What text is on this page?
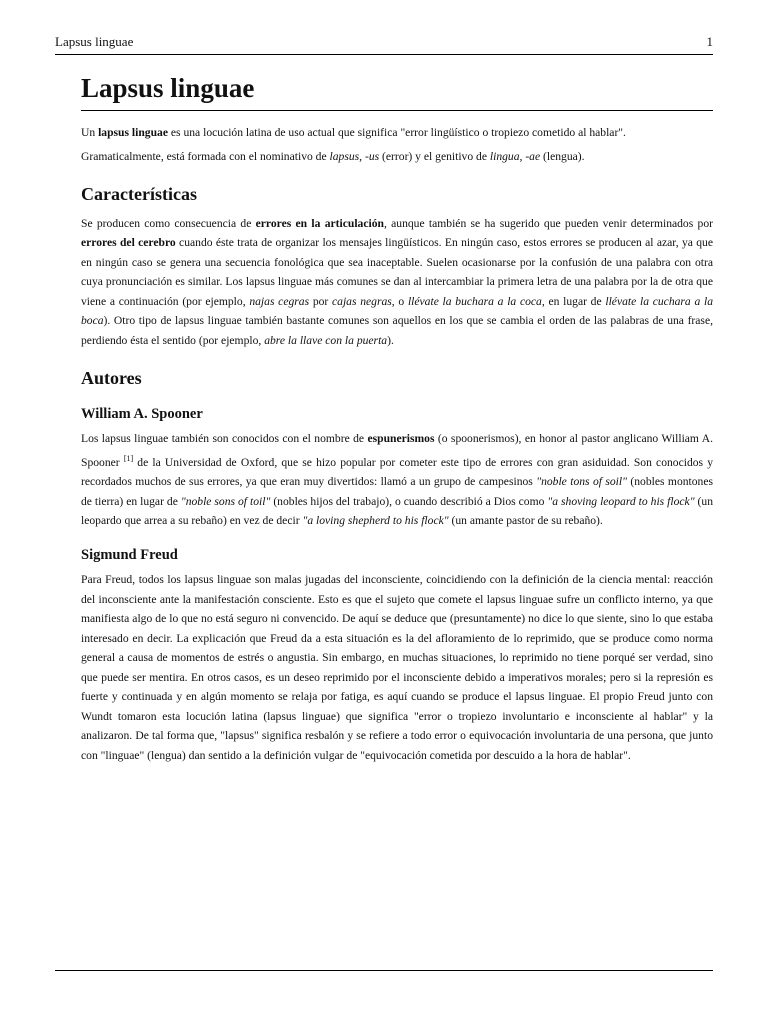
Lapsus linguae	1
Lapsus linguae

Un lapsus linguae es una locución latina de uso actual que significa "error lingüístico o tropiezo cometido al hablar".

Gramaticalmente, está formada con el nominativo de lapsus, -us (error) y el genitivo de lingua, -ae (lengua).

Características

Se producen como consecuencia de errores en la articulación, aunque también se ha sugerido que pueden venir determinados por errores del cerebro cuando éste trata de organizar los mensajes lingüísticos. En ningún caso, estos errores se producen al azar, ya que en ningún caso se genera una secuencia fonológica que sea inaceptable. Suelen ocasionarse por la confusión de una palabra con otra cuya pronunciación es similar. Los lapsus linguae más comunes se dan al intercambiar la primera letra de una palabra por la de otra que viene a continuación (por ejemplo, najas cegras por cajas negras, o llévate la buchara a la coca, en lugar de llévate la cuchara a la boca). Otro tipo de lapsus linguae también bastante comunes son aquellos en los que se cambia el orden de las palabras de una frase, perdiendo ésta el sentido (por ejemplo, abre la llave con la puerta).

Autores
William A. Spooner

Los lapsus linguae también son conocidos con el nombre de espunerismos (o spoonerismos), en honor al pastor anglicano William A. Spooner [1] de la Universidad de Oxford, que se hizo popular por cometer este tipo de errores con gran asiduidad. Son conocidos y recordados muchos de sus errores, ya que eran muy divertidos: llamó a un grupo de campesinos "noble tons of soil" (nobles montones de tierra) en lugar de "noble sons of toil" (nobles hijos del trabajo), o cuando describió a Dios como "a shoving leopard to his flock" (un leopardo que arrea a su rebaño) en vez de decir "a loving shepherd to his flock" (un amante pastor de su rebaño).

Sigmund Freud

Para Freud, todos los lapsus linguae son malas jugadas del inconsciente, coincidiendo con la definición de la ciencia mental: reacción del inconsciente ante la manifestación consciente. Esto es que el sujeto que comete el lapsus linguae sufre un conflicto interno, ya que manifiesta algo de lo que no está seguro ni convencido. De aquí se deduce que (presuntamente) no dice lo que siente, sino lo que estaba interesado en decir. La explicación que Freud da a esta situación es la del afloramiento de lo reprimido, que se produce como norma general a causa de momentos de estrés o angustia. Sin embargo, en muchas situaciones, lo reprimido no tiene porqué ser verdad, sino que puede ser mentira. En otros casos, es un deseo reprimido por el inconsciente debido a imperativos morales; pero si la represión es fuerte y continuada y en algún momento se relaja por fatiga, es aquí cuando se produce el lapsus linguae. El propio Freud junto con Wundt tomaron esta locución latina (lapsus linguae) que significa "error o tropiezo involuntario e inconsciente al hablar" y la analizaron. De tal forma que, "lapsus" significa resbalón y se refiere a todo error o equivocación involuntaria de una persona, que junto con "linguae" (lengua) dan sentido a la definición vulgar de "equivocación cometida por descuido a la hora de hablar".
